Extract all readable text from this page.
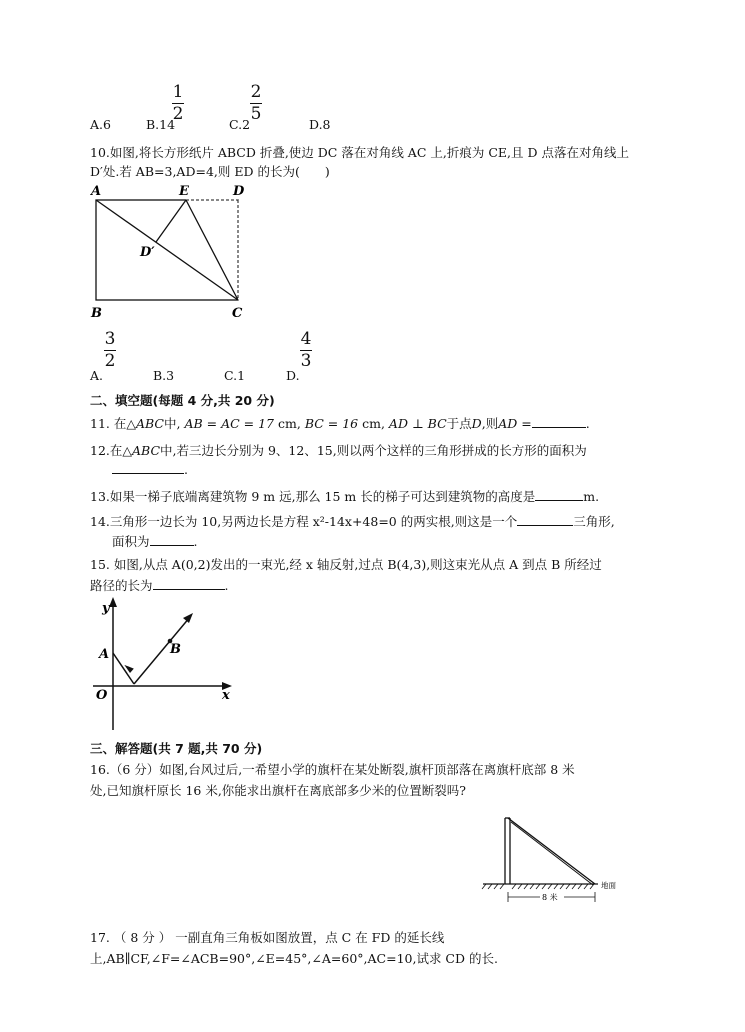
A.6	B.14
1
2
C.2
2
5
D.8
10.如图,将长方形纸片 ABCD 折叠,使边 DC 落在对角线 AC 上,折痕为 CE,且 D 点落在对角线上
D′处.若 AB=3,AD=4,则 ED 的长为(　　)
A	E	D
D′
B	C
A.
3
2
B.3	C.1	D.
4
3
二、填空题(每题 4 分,共 20 分)
11. 在△ABC中, AB = AC = 17 cm, BC = 16 cm, AD ⊥ BC于点D,则AD =	.
12.在△ABC中,若三边长分别为 9、12、15,则以两个这样的三角形拼成的长方形的面积为
.
13.如果一梯子底端离建筑物 9 m 远,那么 15 m 长的梯子可达到建筑物的高度是	m.
14.三角形一边长为 10,另两边长是方程 x²-14x+48=0 的两实根,则这是一个	三角形,
面积为	.
15. 如图,从点 A(0,2)发出的一束光,经 x 轴反射,过点 B(4,3),则这束光从点 A 到点 B 所经过
路径的长为	.
y
x
O
A	B
三、解答题(共 7 题,共 70 分)
16.（6 分）如图,台风过后,一希望小学的旗杆在某处断裂,旗杆顶部落在离旗杆底部 8 米
处,已知旗杆原长 16 米,你能求出旗杆在离底部多少米的位置断裂吗?
8 米
地面
17. （ 8 分 ） 一副直角三角板如图放置，点 C 在 FD 的延长线
上,AB∥CF,∠F=∠ACB=90°,∠E=45°,∠A=60°,AC=10,试求 CD 的长.
